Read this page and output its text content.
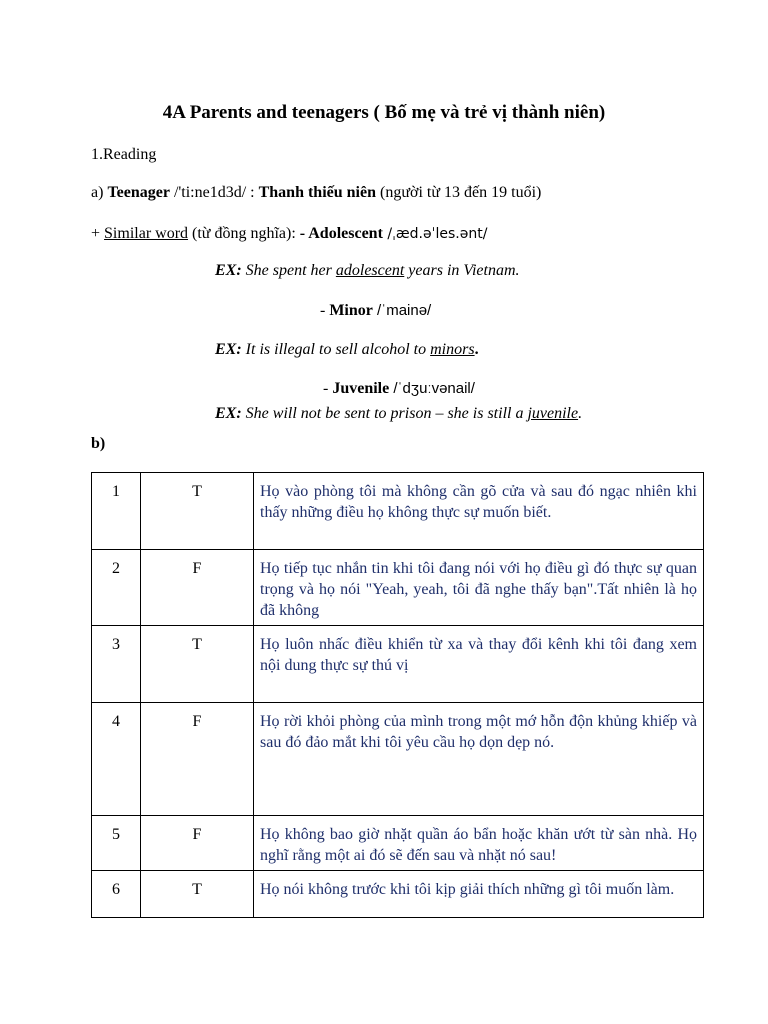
4A Parents and teenagers ( Bố mẹ và trẻ vị thành niên)
1.Reading
a) Teenager /'ti:ne1d3d/ : Thanh thiếu niên (người từ 13 đến 19 tuổi)
+ Similar word (từ đồng nghĩa): - Adolescent /ˌæd.əˈles.ənt/
EX: She spent her adolescent years in Vietnam.
- Minor /ˈmainə/
EX: It is illegal to sell alcohol to minors.
- Juvenile /ˈdʒuːvənail/
EX: She will not be sent to prison – she is still a juvenile.
b)
1	T	Họ vào phòng tôi mà không cần gõ cửa và sau đó ngạc nhiên khi thấy những điều họ không thực sự muốn biết.
2	F	Họ tiếp tục nhắn tin khi tôi đang nói với họ điều gì đó thực sự quan trọng và họ nói "Yeah, yeah, tôi đã nghe thấy bạn".Tất nhiên là họ đã không
3	T	Họ luôn nhấc điều khiển từ xa và thay đổi kênh khi tôi đang xem nội dung thực sự thú vị
4	F	Họ rời khỏi phòng của mình trong một mớ hỗn độn khủng khiếp và sau đó đảo mắt khi tôi yêu cầu họ dọn dẹp nó.
5	F	Họ không bao giờ nhặt quần áo bẩn hoặc khăn ướt từ sàn nhà. Họ nghĩ rằng một ai đó sẽ đến sau và nhặt nó sau!
6	T	Họ nói không trước khi tôi kịp giải thích những gì tôi muốn làm.
